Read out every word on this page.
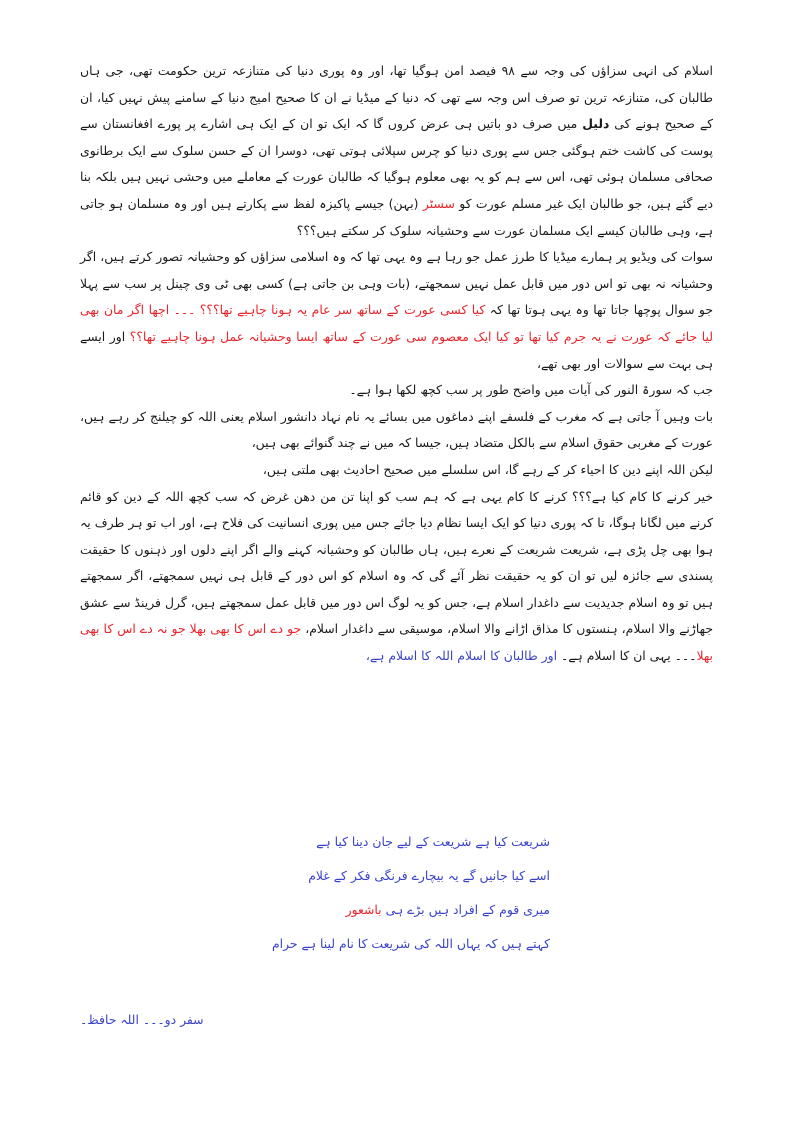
اسلام کی انہی سزاؤں کی وجہ سے ۹۸ فیصد امن ہوگیا تھا، اور وہ پوری دنیا کی متنازعہ ترین حکومت تھی، جی ہاں طالبان کی، متنازعہ ترین تو صرف اس وجہ سے تھی کہ دنیا کے میڈیا نے ان کا صحیح امیج دنیا کے سامنے پیش نہیں کیا، ان کے صحیح ہونے کی دلیل میں صرف دو باتیں ہی عرض کروں گا کہ ایک تو ان کے ایک ہی اشارے پر پورے افغانستان سے پوست کی کاشت ختم ہوگئی جس سے پوری دنیا کو چرس سپلائی ہوتی تھی، دوسرا ان کے حسن سلوک سے ایک برطانوی صحافی مسلمان ہوئی تھی، اس سے ہم کو یہ بھی معلوم ہوگیا کہ طالبان عورت کے معاملے میں وحشی نہیں ہیں بلکہ بنا دیے گئے ہیں، جو طالبان ایک غیر مسلم عورت کو سسٹر (بہن) جیسے پاکیزہ لفظ سے پکارتے ہیں اور وہ مسلمان ہو جاتی ہے، وہی طالبان کیسے ایک مسلمان عورت سے وحشیانہ سلوک کر سکتے ہیں؟؟؟

سوات کی ویڈیو پر ہمارے میڈیا کا طرز عمل جو رہا ہے وہ یہی تھا کہ وہ اسلامی سزاؤں کو وحشیانہ تصور کرتے ہیں، اگر وحشیانہ نہ بھی تو اس دور میں قابل عمل نہیں سمجھتے، (بات وہی بن جاتی ہے) کسی بھی ٹی وی چینل پر سب سے پہلا جو سوال پوچھا جاتا تھا وہ یہی ہوتا تھا کہ کیا کسی عورت کے ساتھ سر عام یہ ہونا چاہیے تھا؟؟؟ ۔۔۔ اچھا اگر مان بھی لیا جائے کہ عورت نے یہ جرم کیا تھا تو کیا ایک معصوم سی عورت کے ساتھ ایسا وحشیانہ عمل ہونا چاہیے تھا؟؟ اور ایسے ہی بہت سے سوالات اور بھی تھے،

جب کہ سورۃ النور کی آیات میں واضح طور پر سب کچھ لکھا ہوا ہے۔

بات وہیں آ جاتی ہے کہ مغرب کے فلسفے اپنے دماغوں میں بسائے یہ نام نہاد دانشور اسلام یعنی اللہ کو چیلنج کر رہے ہیں، عورت کے مغربی حقوق اسلام سے بالکل متضاد ہیں، جیسا کہ میں نے چند گنوائے بھی ہیں،

لیکن اللہ اپنے دین کا احیاء کر کے رہے گا، اس سلسلے میں صحیح احادیث بھی ملتی ہیں،

خیر کرنے کا کام کیا ہے؟؟؟ کرنے کا کام یہی ہے کہ ہم سب کو اپنا تن من دھن غرض کہ سب کچھ اللہ کے دین کو قائم کرنے میں لگانا ہوگا، تا کہ پوری دنیا کو ایک ایسا نظام دیا جائے جس میں پوری انسانیت کی فلاح ہے، اور اب تو ہر طرف یہ ہوا بھی چل پڑی ہے، شریعت شریعت کے نعرے ہیں، ہاں طالبان کو وحشیانہ کہنے والے اگر اپنے دلوں اور ذہنوں کا حقیقت پسندی سے جائزہ لیں تو ان کو یہ حقیقت نظر آئے گی کہ وہ اسلام کو اس دور کے قابل ہی نہیں سمجھتے، اگر سمجھتے ہیں تو وہ اسلام جدیدیت سے داغدار اسلام ہے، جس کو یہ لوگ اس دور میں قابل عمل سمجھتے ہیں، گرل فرینڈ سے عشق جھاڑنے والا اسلام، ہنستوں کا مذاق اڑانے والا اسلام، موسیقی سے داغدار اسلام، جو دے اس کا بھی بھلا جو نہ دے اس کا بھی بھلا۔۔۔ یہی ان کا اسلام ہے۔ اور طالبان کا اسلام اللہ کا اسلام ہے،

شریعت کیا ہے شریعت کے لیے جان دینا کیا ہے
اسے کیا جانیں گے یہ بیچارے فرنگی فکر کے غلام
میری قوم کے افراد ہیں بڑے ہی باشعور
کہتے ہیں کہ یہاں اللہ کی شریعت کا نام لینا ہے حرام
سفر دو۔۔۔ اللہ حافظ۔
